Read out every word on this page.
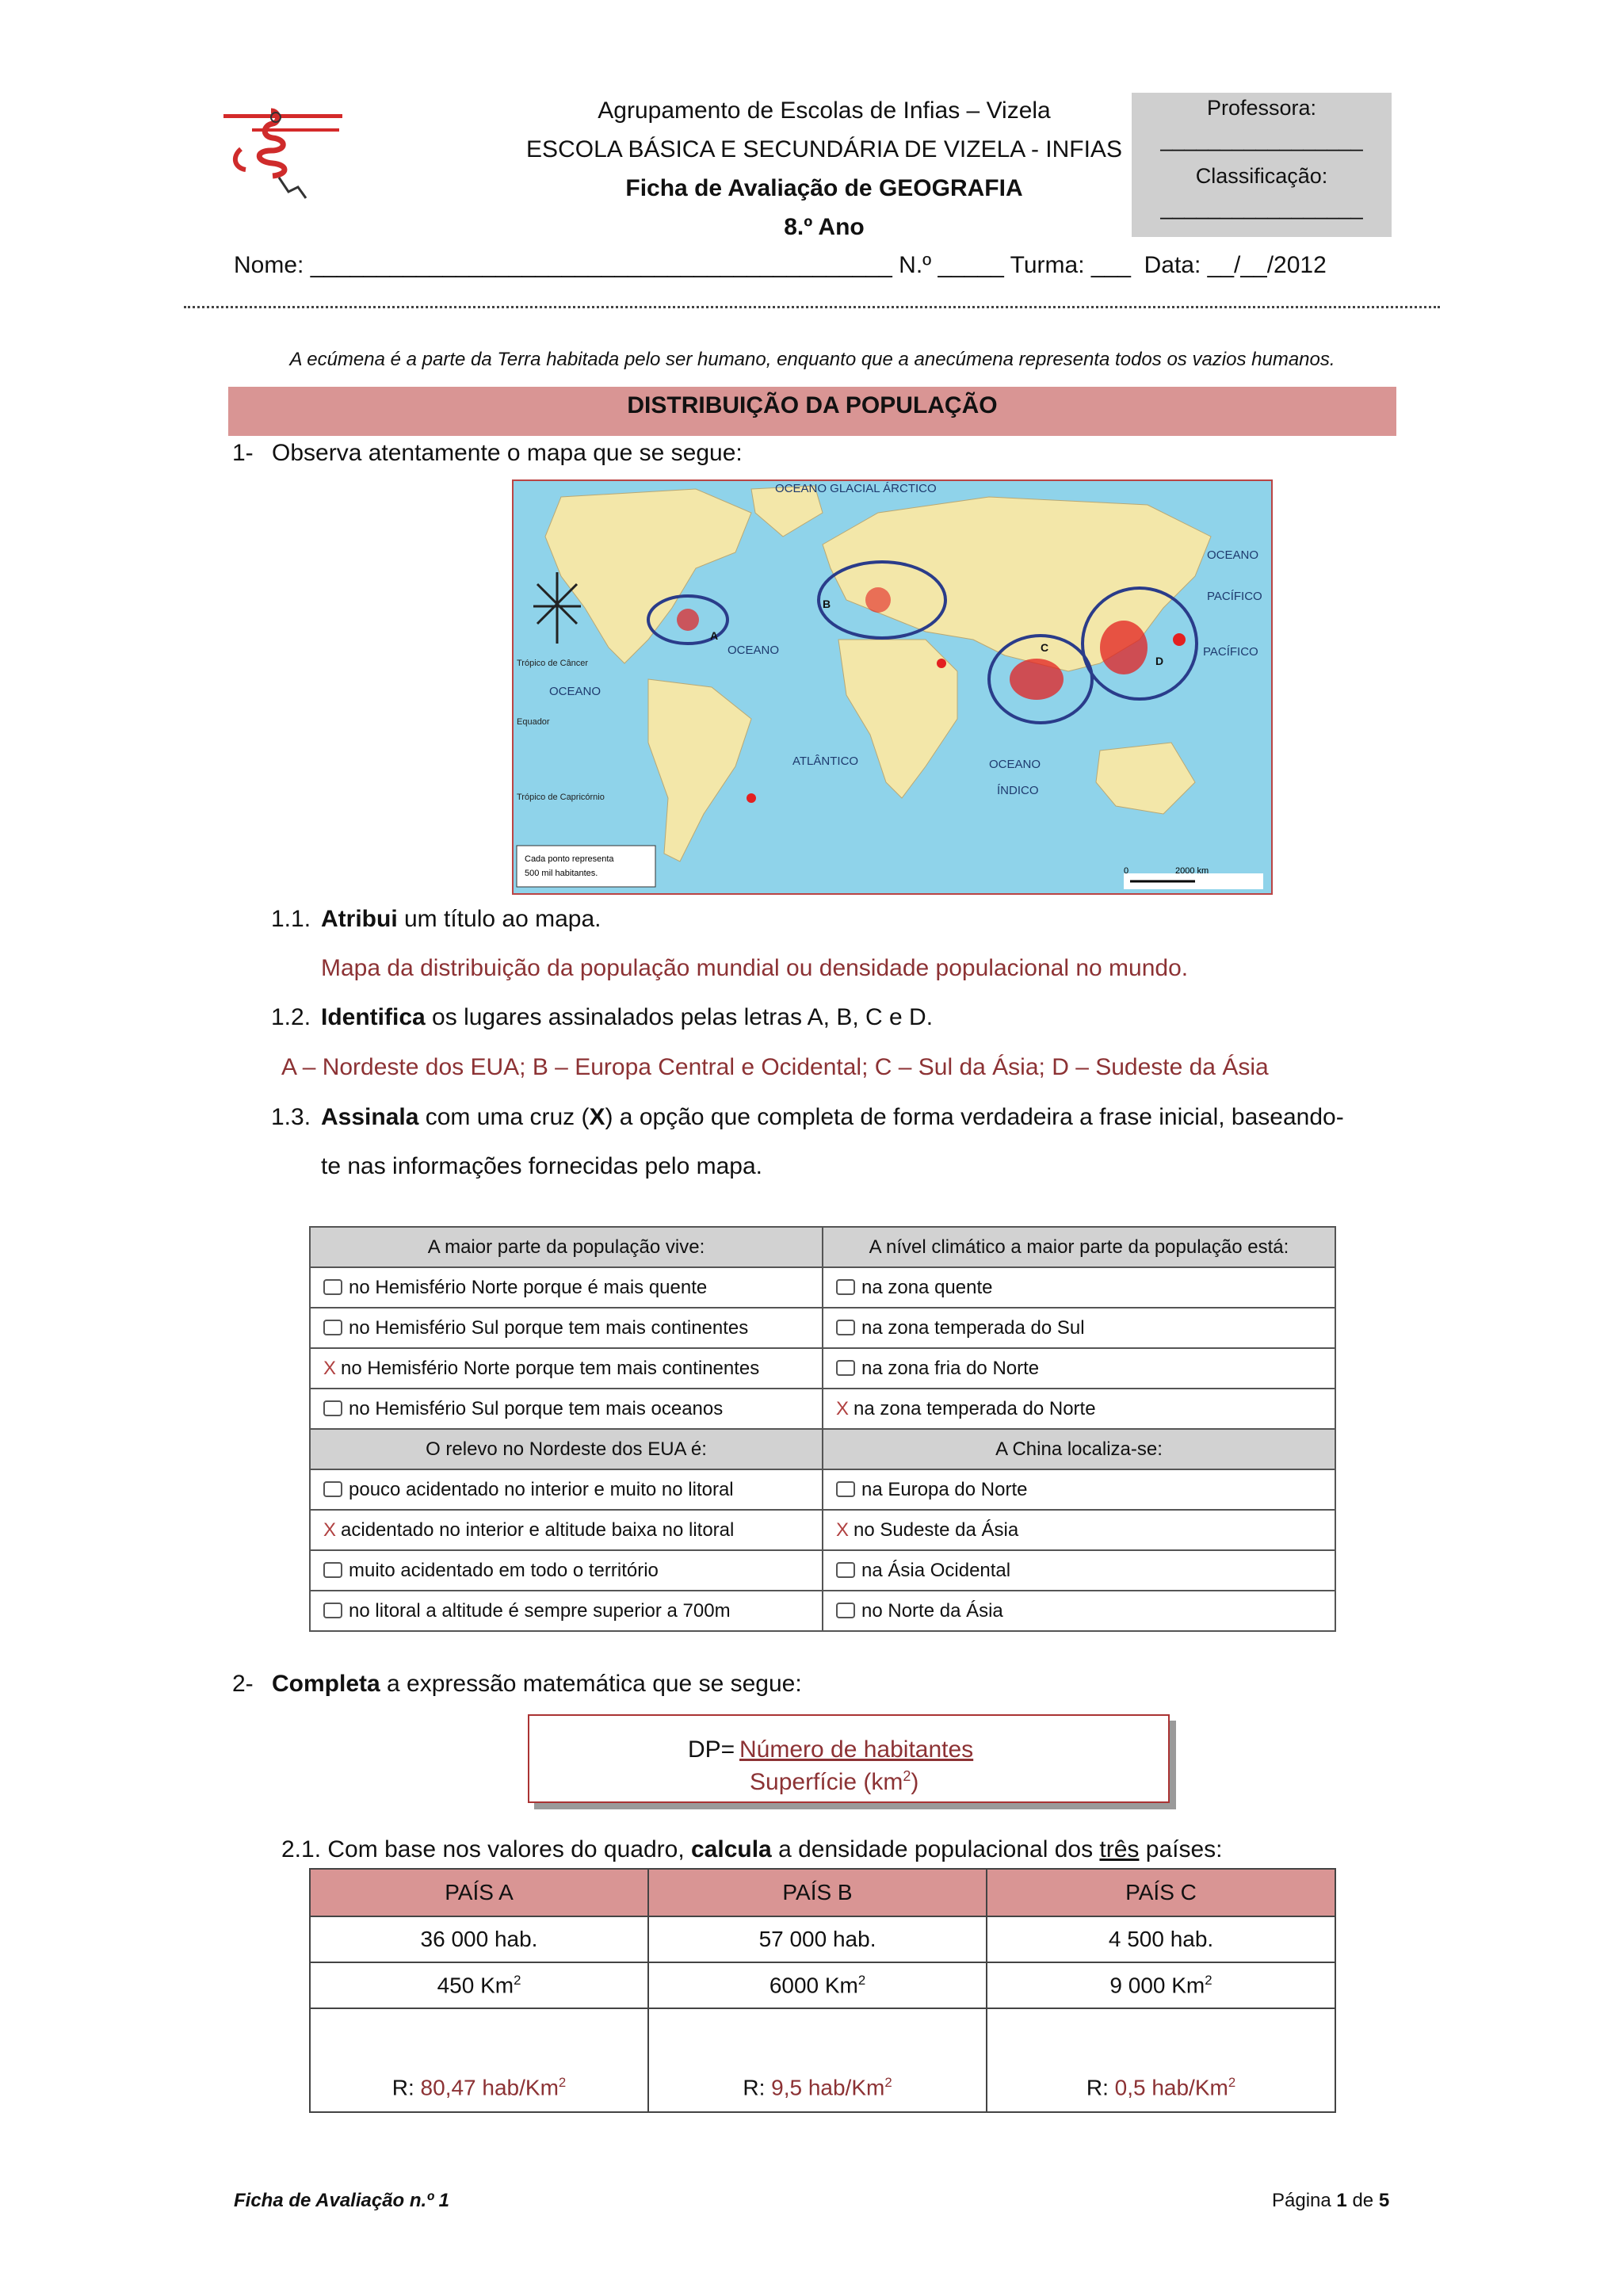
Agrupamento de Escolas de Infias – Vizela
ESCOLA BÁSICA E SECUNDÁRIA DE VIZELA - INFIAS
Ficha de Avaliação de GEOGRAFIA
8.º Ano
Professora:
_________________
Classificação:
_________________
Nome: ____________________________________________ N.º _____ Turma: ___  Data: __/__/2012
A ecúmena é a parte da Terra habitada pelo ser humano, enquanto que a anecúmena representa todos os vazios humanos.
DISTRIBUIÇÃO DA POPULAÇÃO
1- Observa atentamente o mapa que se segue:
Cada ponto representa
500 mil habitantes.	0	2000 km
OCEANO GLACIAL ÁRCTICO
OCEANO
PACÍFICO
OCEANO
OCEANO
PACÍFICO
ATLÂNTICO
OCEANO
ÍNDICO
Trópico de Câncer
Equador
Trópico de Capricórnio
A
B
C
D
1.1. Atribui um título ao mapa.
Mapa da distribuição da população mundial ou densidade populacional no mundo.
1.2. Identifica os lugares assinalados pelas letras A, B, C e D.
A – Nordeste dos EUA; B – Europa Central e Ocidental; C – Sul da Ásia; D – Sudeste da Ásia
1.3. Assinala com uma cruz (X) a opção que completa de forma verdadeira a frase inicial, baseando-
te nas informações fornecidas pelo mapa.
A maior parte da população vive:	A nível climático a maior parte da população está:
no Hemisfério Norte porque é mais quente	na zona quente
no Hemisfério Sul porque tem mais continentes	na zona temperada do Sul
X no Hemisfério Norte porque tem mais continentes	na zona fria do Norte
no Hemisfério Sul porque tem mais oceanos	X na zona temperada do Norte
O relevo no Nordeste dos EUA é:	A China localiza-se:
pouco acidentado no interior e muito no litoral	na Europa do Norte
X acidentado no interior e altitude baixa no litoral	X no Sudeste da Ásia
muito acidentado em todo o território	na Ásia Ocidental
no litoral a altitude é sempre superior a 700m	no Norte da Ásia
2- Completa a expressão matemática que se segue:
DP= Número de habitantes
Superfície $(km^2)$
2.1. Com base nos valores do quadro, calcula a densidade populacional dos três países:
PAÍS A	PAÍS B	PAÍS C
36 000 hab.	57 000 hab.	4 500 hab.
450 Km$^2$	6000 Km$^2$	9 000 Km$^2$
R: 80,47 hab/Km$^2$	R: 9,5 hab/Km$^2$	R: 0,5 hab/Km$^2$
Ficha de Avaliação n.º 1	Página 1 de 5
